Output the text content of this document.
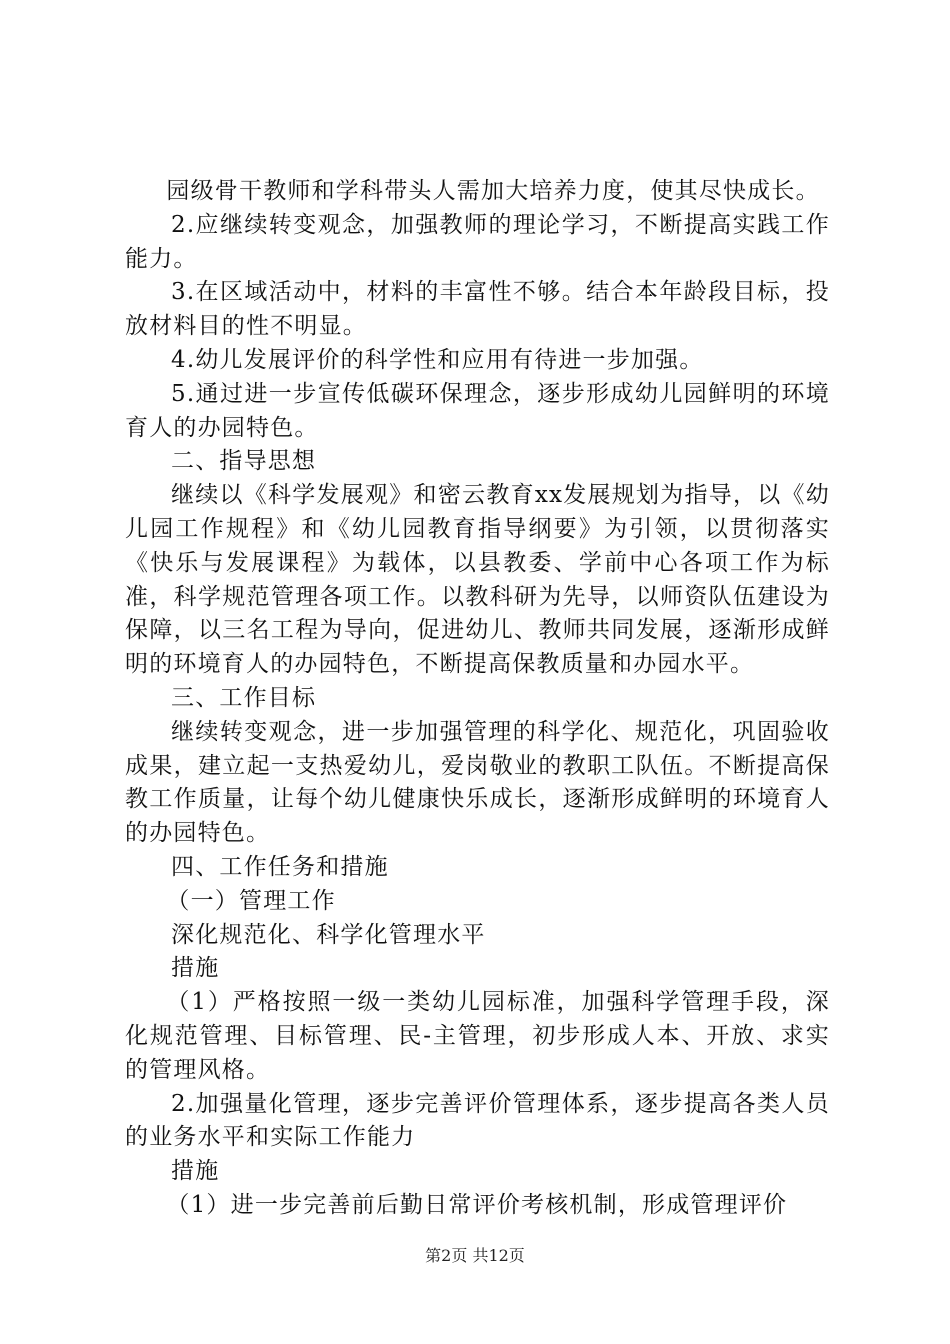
园级骨干教师和学科带头人需加大培养力度，使其尽快成长。

2.应继续转变观念，加强教师的理论学习，不断提高实践工作能力。

3.在区域活动中，材料的丰富性不够。结合本年龄段目标，投放材料目的性不明显。

4.幼儿发展评价的科学性和应用有待进一步加强。

5.通过进一步宣传低碳环保理念，逐步形成幼儿园鲜明的环境育人的办园特色。

二、指导思想

继续以《科学发展观》和密云教育xx发展规划为指导，以《幼儿园工作规程》和《幼儿园教育指导纲要》为引领，以贯彻落实《快乐与发展课程》为载体，以县教委、学前中心各项工作为标准，科学规范管理各项工作。以教科研为先导，以师资队伍建设为保障，以三名工程为导向，促进幼儿、教师共同发展，逐渐形成鲜明的环境育人的办园特色，不断提高保教质量和办园水平。

三、工作目标

继续转变观念，进一步加强管理的科学化、规范化，巩固验收成果，建立起一支热爱幼儿，爱岗敬业的教职工队伍。不断提高保教工作质量，让每个幼儿健康快乐成长，逐渐形成鲜明的环境育人的办园特色。

四、工作任务和措施

（一）管理工作

深化规范化、科学化管理水平

措施

（1）严格按照一级一类幼儿园标准，加强科学管理手段，深化规范管理、目标管理、民-主管理，初步形成人本、开放、求实的管理风格。

2.加强量化管理，逐步完善评价管理体系，逐步提高各类人员的业务水平和实际工作能力

措施

（1）进一步完善前后勤日常评价考核机制，形成管理评价

第2页 共12页
